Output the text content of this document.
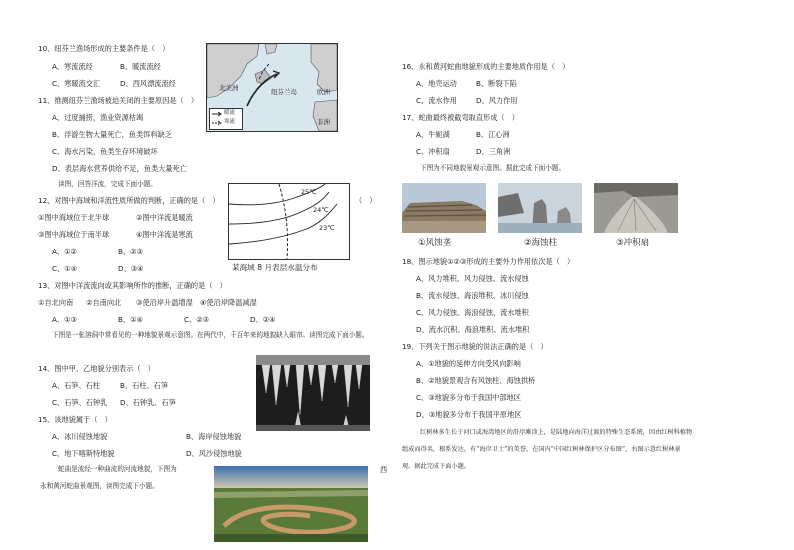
10、纽芬兰渔场形成的主要条件是（　）
A、寒流流经	B、暖流流经
C、寒暖流交汇	D、西风漂流流经
11、推测纽芬兰渔场被迫关闭的主要原因是（　）
A、过度捕捞，渔业资源枯竭
B、浮游生物大量死亡，鱼类饵料缺乏
C、海水污染，鱼类生存环境破坏
D、表层海水营养供给不足，鱼类大量死亡
读图，回答洋流，完成下面小题。
北美洲	纽芬兰岛	欧洲
非洲
暖流
寒流
12、对图中海域和洋流性质所做的判断，正确的是（　）	（　）
①图中海域位于北半球	②图中洋流是暖流
③图中海域位于南半球	④图中洋流是寒流
A、①②	B、②③
C、①④	D、③④
25℃
24℃
23℃
某海域 8 月表层水温分布
13、对图中洋流流向或其影响所作的推断，正确的是（　）
①自北向南 ②自南向北 ③使沿岸升温增湿 ④使沿岸降温减湿
A、①③	B、①④	C、②③	D、②④
下图是一张溶洞中常看见的一种地貌景观示意图。在两代中，千百年来的地貌缺入眼帘。读图完成下面小题。
14、图中甲、乙地貌分别表示（　）
A、石笋、石柱	B、石柱、石笋
C、石笋、石钟乳 D、石钟乳、石笋
15、该地貌属于（　）
A、冰川侵蚀地貌	B、海岸侵蚀地貌
C、地下喀斯特地貌	D、风沙侵蚀地貌
蛇曲是流经一种曲流的河流地貌，下图为
永和黄河蛇曲景观图，读图完成下小题。
西
16、永和黄河蛇曲地貌形成的主要地质作用是（　）
A、地壳运动	B、断裂下陷
C、流水作用	D、风力作用
17、蛇曲最终被截弯取直形成（　）
A、牛轭湖	B、江心洲
C、冲积扇	D、三角洲
下图为不同地貌景观示意图。据此完成下面小题。
①风蚀垄	②海蚀柱	③冲积扇
18、图示地貌①②③形成的主要外力作用依次是（　）
A、风力堆积、风力侵蚀、流水侵蚀
B、流水侵蚀、海浪堆积、冰川侵蚀
C、风力侵蚀、海浪侵蚀、流水堆积
D、流水沉积、海浪堆积、流水堆积
19、下列关于图示地貌的说法正确的是（　）
A、①地貌的延伸方向受风向影响
B、②地貌景观含有风蚀柱、海蚀拱桥
C、③地貌多分布于我国中部地区
D、③地貌多分布于我国平原地区
红树林多生长于河口或海湾地区的沿岸滩涂上，是陆地向海洋过渡的特殊生态系统，因由红树科植物
组成而得名，根系发达，有“海岸卫士”的美誉。在国内“中国红树林保护区分布图”，右图示意红树林景
观。据此完成下面小题。
